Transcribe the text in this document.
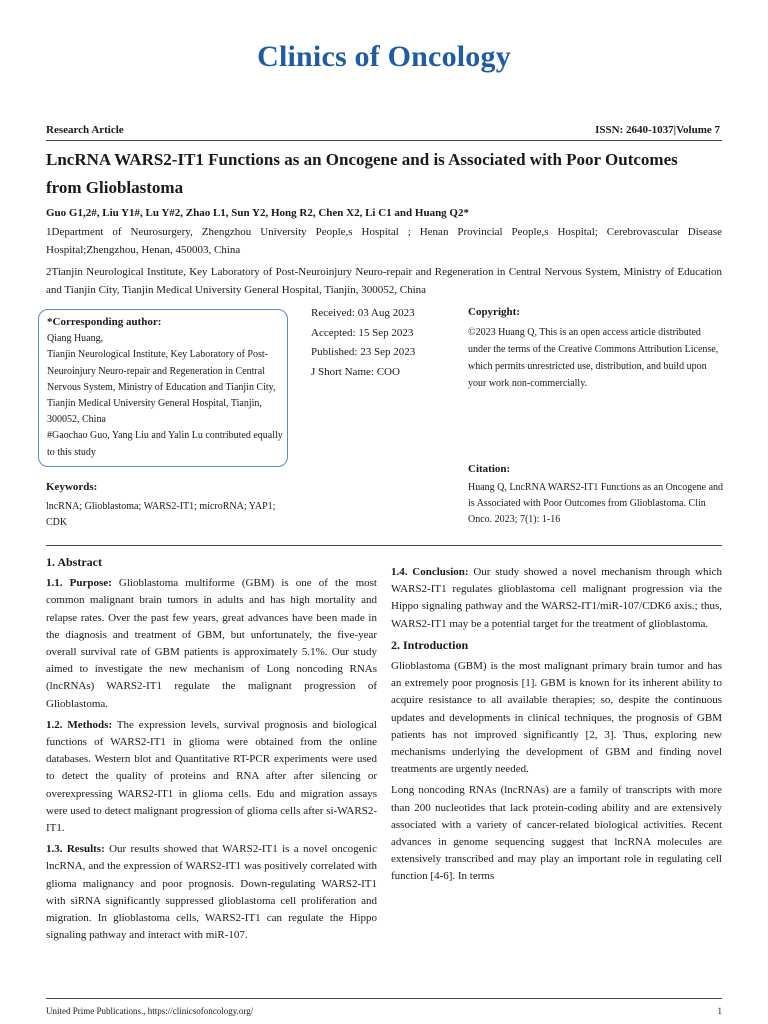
Clinics of Oncology
Research Article	ISSN: 2640-1037|Volume 7
LncRNA WARS2-IT1 Functions as an Oncogene and is Associated with Poor Outcomes from Glioblastoma
Guo G1,2#, Liu Y1#, Lu Y#2, Zhao L1, Sun Y2, Hong R2, Chen X2, Li C1 and Huang Q2*
1Department of Neurosurgery, Zhengzhou University People,s Hospital ; Henan Provincial People,s Hospital; Cerebrovascular Disease Hospital;Zhengzhou, Henan, 450003, China
2Tianjin Neurological Institute, Key Laboratory of Post-Neuroinjury Neuro-repair and Regeneration in Central Nervous System, Ministry of Education and Tianjin City, Tianjin Medical University General Hospital, Tianjin, 300052, China
*Corresponding author:
Qiang Huang,
Tianjin Neurological Institute, Key Laboratory of Post-Neuroinjury Neuro-repair and Regeneration in Central Nervous System, Ministry of Education and Tianjin City, Tianjin Medical University General Hospital, Tianjin, 300052, China
#Gaochao Guo, Yang Liu and Yalin Lu contributed equally to this study
Received: 03 Aug 2023
Accepted: 15 Sep 2023
Published: 23 Sep 2023
J Short Name: COO
Copyright:
©2023 Huang Q, This is an open access article distributed under the terms of the Creative Commons Attribution License, which permits unrestricted use, distribution, and build upon your work non-commercially.
Citation:
Huang Q, LncRNA WARS2-IT1 Functions as an Oncogene and is Associated with Poor Outcomes from Glioblastoma. Clin Onco. 2023; 7(1): 1-16
Keywords:
lncRNA; Glioblastoma; WARS2-IT1; microRNA; YAP1; CDK
1. Abstract

1.1. Purpose: Glioblastoma multiforme (GBM) is one of the most common malignant brain tumors in adults and has high mortality and relapse rates. Over the past few years, great advances have been made in the diagnosis and treatment of GBM, but unfortunately, the five-year overall survival rate of GBM patients is approximately 5.1%. Our study aimed to investigate the new mechanism of Long noncoding RNAs (lncRNAs) WARS2-IT1 regulate the malignant progression of Glioblastoma.

1.2. Methods: The expression levels, survival prognosis and biological functions of WARS2-IT1 in glioma were obtained from the online databases. Western blot and Quantitative RT-PCR experiments were used to detect the quality of proteins and RNA after after silencing or overexpressing WARS2-IT1 in glioma cells. Edu and migration assays were used to detect malignant progression of glioma cells after si-WARS2-IT1.

1.3. Results: Our results showed that WARS2-IT1 is a novel oncogenic lncRNA, and the expression of WARS2-IT1 was positively correlated with glioma malignancy and poor prognosis. Down-regulating WARS2-IT1 with siRNA significantly suppressed glioblastoma cell proliferation and migration. In glioblastoma cells, WARS2-IT1 can regulate the Hippo signaling pathway and interact with miR-107.

1.4. Conclusion: Our study showed a novel mechanism through which WARS2-IT1 regulates glioblastoma cell malignant progression via the Hippo signaling pathway and the WARS2-IT1/miR-107/CDK6 axis.; thus, WARS2-IT1 may be a potential target for the treatment of glioblastoma.

2. Introduction

Glioblastoma (GBM) is the most malignant primary brain tumor and has an extremely poor prognosis [1]. GBM is known for its inherent ability to acquire resistance to all available therapies; so, despite the continuous updates and developments in clinical techniques, the prognosis of GBM patients has not improved significantly [2, 3]. Thus, exploring new mechanisms underlying the development of GBM and finding novel treatments are urgently needed.

Long noncoding RNAs (lncRNAs) are a family of transcripts with more than 200 nucleotides that lack protein-coding ability and are extensively associated with a variety of cancer-related biological activities. Recent advances in genome sequencing suggest that lncRNA molecules are extensively transcribed and may play an important role in regulating cell function [4-6]. In terms

United Prime Publications., https://clinicsofoncology.org/	1
